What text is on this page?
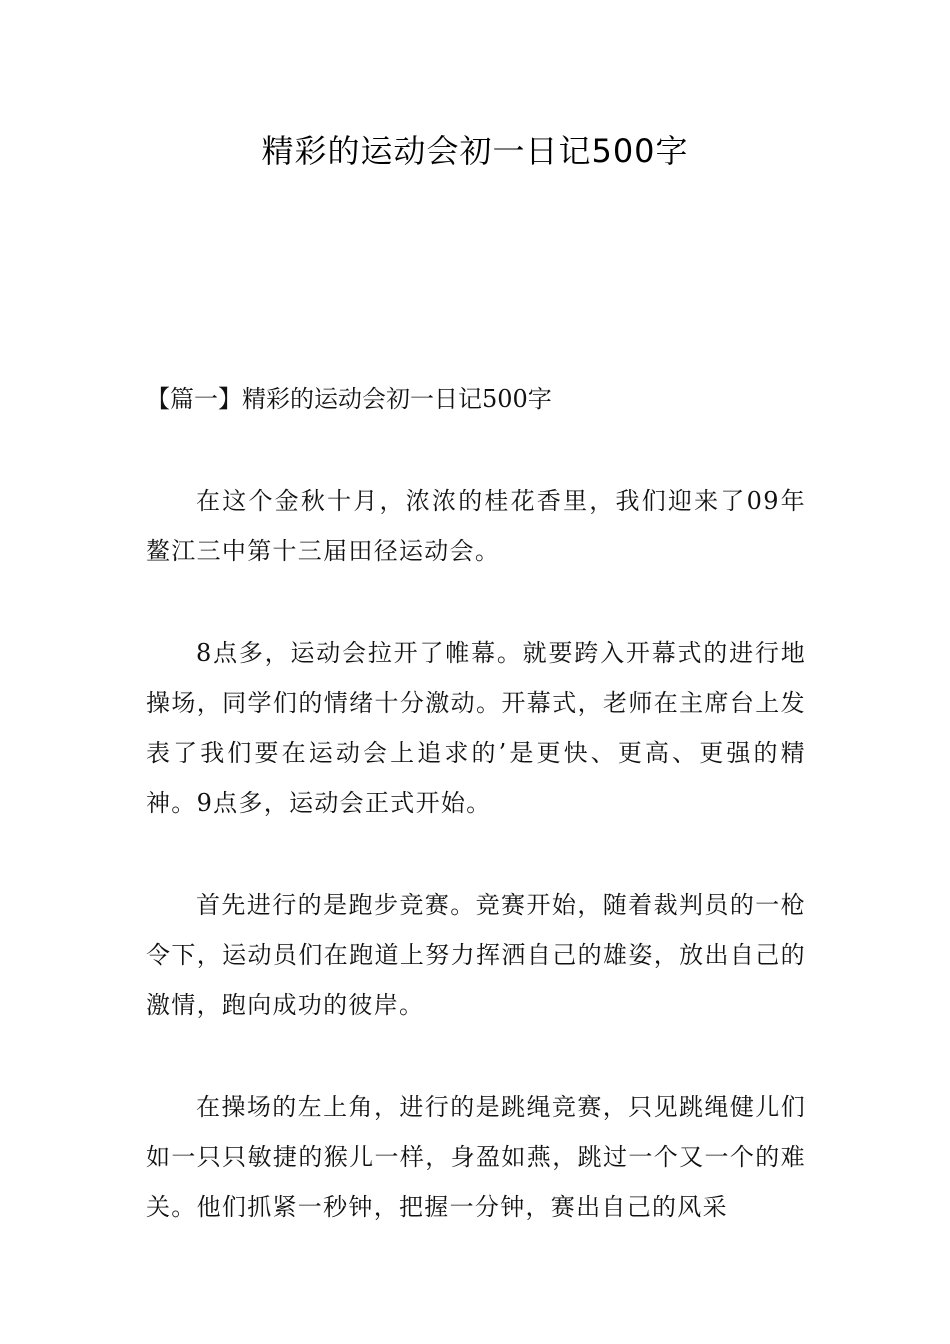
精彩的运动会初一日记500字
【篇一】精彩的运动会初一日记500字

在这个金秋十月，浓浓的桂花香里，我们迎来了09年鳌江三中第十三届田径运动会。

8点多，运动会拉开了帷幕。就要跨入开幕式的进行地操场，同学们的情绪十分激动。开幕式，老师在主席台上发表了我们要在运动会上追求的’是更快、更高、更强的精神。9点多，运动会正式开始。

首先进行的是跑步竞赛。竞赛开始，随着裁判员的一枪令下，运动员们在跑道上努力挥洒自己的雄姿，放出自己的激情，跑向成功的彼岸。

在操场的左上角，进行的是跳绳竞赛，只见跳绳健儿们如一只只敏捷的猴儿一样，身盈如燕，跳过一个又一个的难关。他们抓紧一秒钟，把握一分钟，赛出自己的风采
